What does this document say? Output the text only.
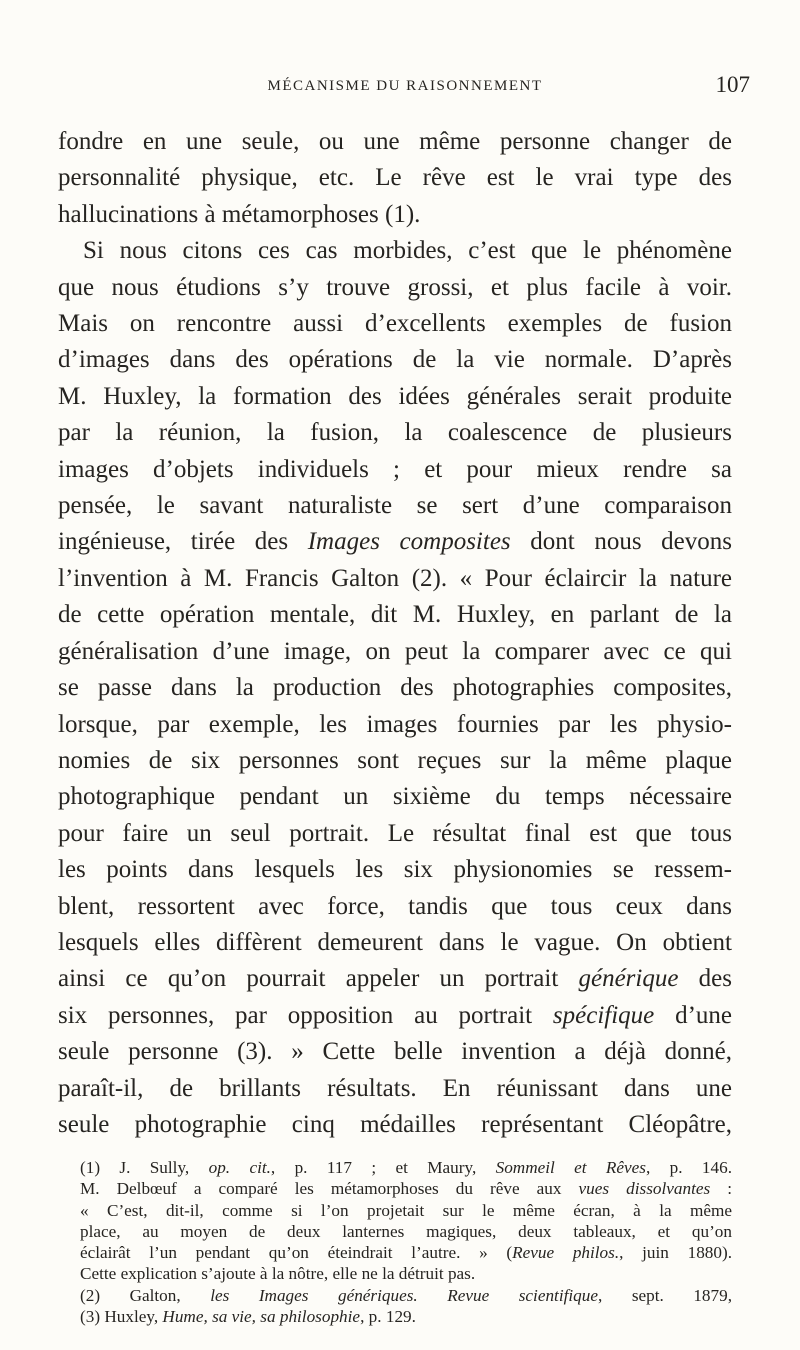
MÉCANISME DU RAISONNEMENT	107

fondre en une seule, ou une même personne changer de

personnalité physique, etc. Le rêve est le vrai type des

hallucinations à métamorphoses (1).

Si nous citons ces cas morbides, c’est que le phénomène

que nous étudions s’y trouve grossi, et plus facile à voir.

Mais on rencontre aussi d’excellents exemples de fusion

d’images dans des opérations de la vie normale. D’après

M. Huxley, la formation des idées générales serait produite

par la réunion, la fusion, la coalescence de plusieurs

images d’objets individuels ; et pour mieux rendre sa

pensée, le savant naturaliste se sert d’une comparaison

ingénieuse, tirée des Images composites dont nous devons

l’invention à M. Francis Galton (2). « Pour éclaircir la nature

de cette opération mentale, dit M. Huxley, en parlant de la

généralisation d’une image, on peut la comparer avec ce qui

se passe dans la production des photographies composites,

lorsque, par exemple, les images fournies par les physio-

nomies de six personnes sont reçues sur la même plaque

photographique pendant un sixième du temps nécessaire

pour faire un seul portrait. Le résultat final est que tous

les points dans lesquels les six physionomies se ressem-

blent, ressortent avec force, tandis que tous ceux dans

lesquels elles diffèrent demeurent dans le vague. On obtient

ainsi ce qu’on pourrait appeler un portrait générique des

six personnes, par opposition au portrait spécifique d’une

seule personne (3). » Cette belle invention a déjà donné,

paraît-il, de brillants résultats. En réunissant dans une

seule photographie cinq médailles représentant Cléopâtre,

(1) J. Sully, op. cit., p. 117 ; et Maury, Sommeil et Rêves, p. 146.

M. Delbœuf a comparé les métamorphoses du rêve aux vues dissolvantes :

« C’est, dit-il, comme si l’on projetait sur le même écran, à la même

place, au moyen de deux lanternes magiques, deux tableaux, et qu’on

éclairât l’un pendant qu’on éteindrait l’autre. » (Revue philos., juin 1880).

Cette explication s’ajoute à la nôtre, elle ne la détruit pas.

(2) Galton, les Images génériques. Revue scientifique, sept. 1879,

(3) Huxley, Hume, sa vie, sa philosophie, p. 129.
